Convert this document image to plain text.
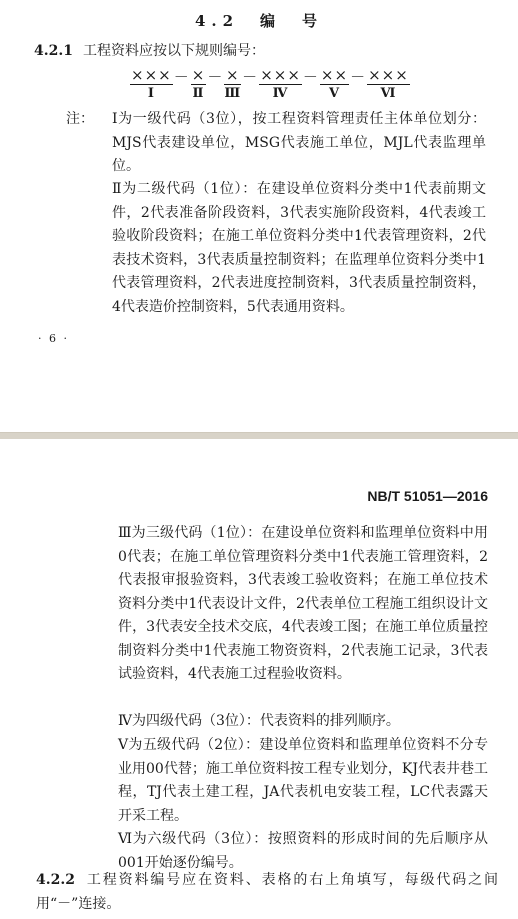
4.2　编　号
4.2.1 工程资料应按以下规则编号：
×××
Ⅰ
－ ×
Ⅱ
－ ×
Ⅲ
－ ×××
Ⅳ
－ ××
Ⅴ
－ ×××
Ⅵ
注： Ⅰ为一级代码（3位），按工程资料管理责任主体单位划分：MJS代表建设单位，MSG代表施工单位，MJL代表监理单位。
Ⅱ为二级代码（1位）：在建设单位资料分类中1代表前期文件，2代表准备阶段资料，3代表实施阶段资料，4代表竣工验收阶段资料；在施工单位资料分类中1代表管理资料，2代表技术资料，3代表质量控制资料；在监理单位资料分类中1代表管理资料，2代表进度控制资料，3代表质量控制资料，4代表造价控制资料，5代表通用资料。
· 6 ·
NB/T 51051—2016
Ⅲ为三级代码（1位）：在建设单位资料和监理单位资料中用0代表；在施工单位管理资料分类中1代表施工管理资料，2代表报审报验资料，3代表竣工验收资料；在施工单位技术资料分类中1代表设计文件，2代表单位工程施工组织设计文件，3代表安全技术交底，4代表竣工图；在施工单位质量控制资料分类中1代表施工物资资料，2代表施工记录，3代表试验资料，4代表施工过程验收资料。
Ⅳ为四级代码（3位）：代表资料的排列顺序。
Ⅴ为五级代码（2位）：建设单位资料和监理单位资料不分专业用00代替；施工单位资料按工程专业划分，KJ代表井巷工程，TJ代表土建工程，JA代表机电安装工程，LC代表露天开采工程。
Ⅵ为六级代码（3位）：按照资料的形成时间的先后顺序从001开始逐份编号。
4.2.2 工程资料编号应在资料、表格的右上角填写，每级代码之间用“－”连接。
